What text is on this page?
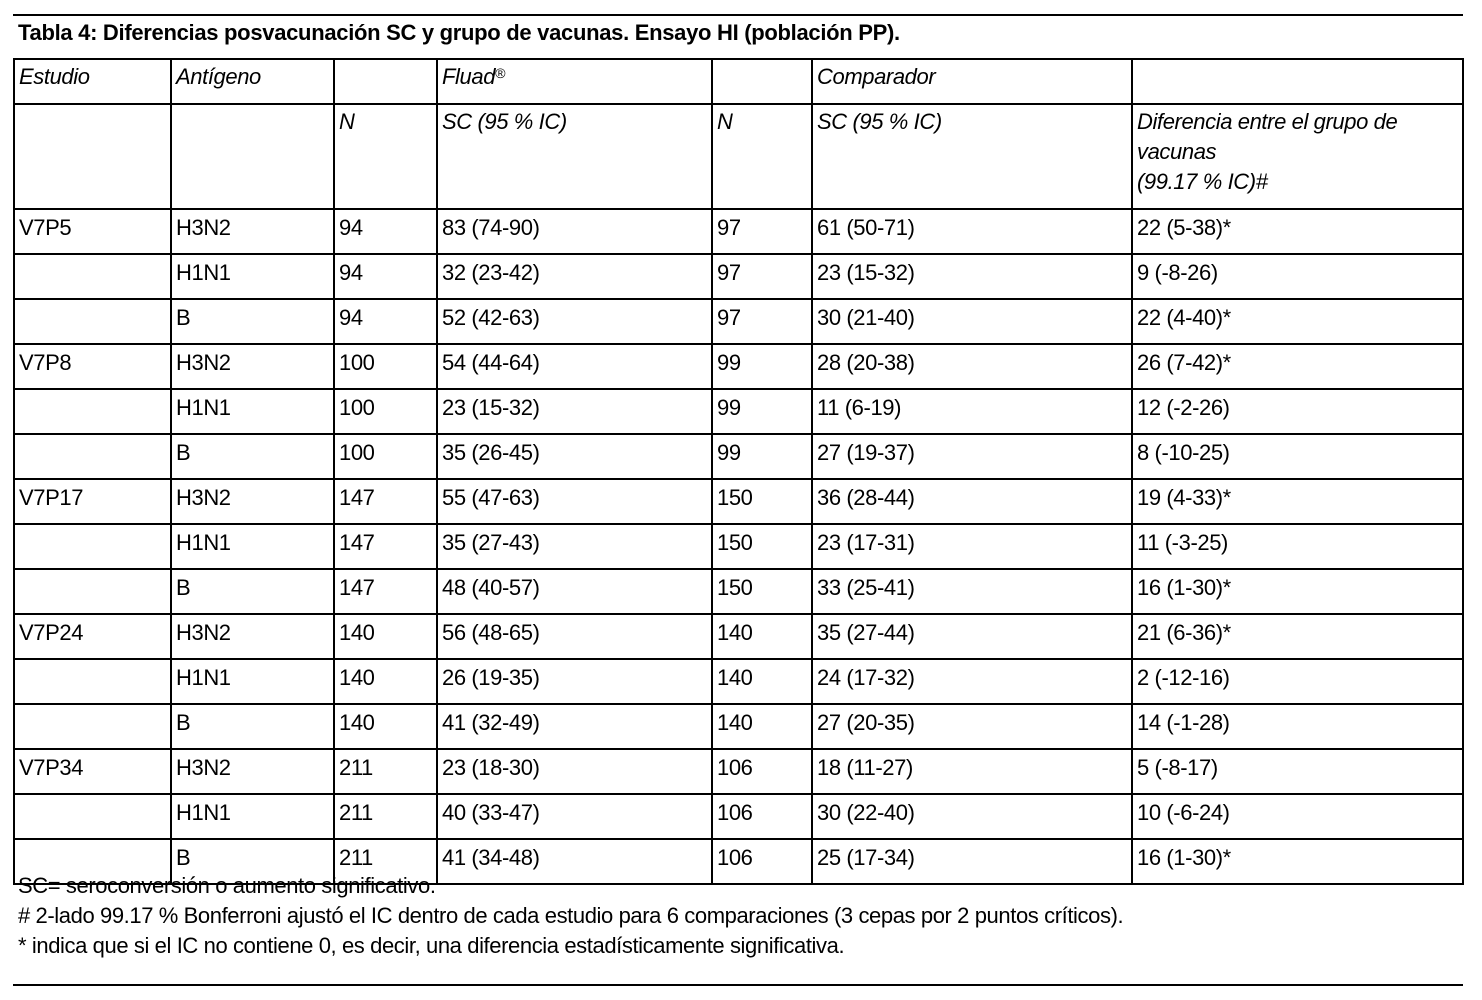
Tabla 4: Diferencias posvacunación SC y grupo de vacunas. Ensayo HI (población PP).
Estudio	Antígeno		Fluad®		Comparador	
		N	SC (95 % IC)	N	SC (95 % IC)	Diferencia entre el grupo de vacunas
(99.17 % IC)#

V7P5	H3N2	94	83 (74-90)	97	61 (50-71)	22 (5-38)*
	H1N1	94	32 (23-42)	97	23 (15-32)	9 (-8-26)
	B	94	52 (42-63)	97	30 (21-40)	22 (4-40)*
V7P8	H3N2	100	54 (44-64)	99	28 (20-38)	26 (7-42)*
	H1N1	100	23 (15-32)	99	11 (6-19)	12 (-2-26)
	B	100	35 (26-45)	99	27 (19-37)	8 (-10-25)
V7P17	H3N2	147	55 (47-63)	150	36 (28-44)	19 (4-33)*
	H1N1	147	35 (27-43)	150	23 (17-31)	11 (-3-25)
	B	147	48 (40-57)	150	33 (25-41)	16 (1-30)*
V7P24	H3N2	140	56 (48-65)	140	35 (27-44)	21 (6-36)*
	H1N1	140	26 (19-35)	140	24 (17-32)	2 (-12-16)
	B	140	41 (32-49)	140	27 (20-35)	14 (-1-28)
V7P34	H3N2	211	23 (18-30)	106	18 (11-27)	5 (-8-17)
	H1N1	211	40 (33-47)	106	30 (22-40)	10 (-6-24)
	B	211	41 (34-48)	106	25 (17-34)	16 (1-30)*
SC= seroconversión o aumento significativo.
# 2-lado 99.17 % Bonferroni ajustó el IC dentro de cada estudio para 6 comparaciones (3 cepas por 2 puntos críticos).
* indica que si el IC no contiene 0, es decir, una diferencia estadísticamente significativa.
